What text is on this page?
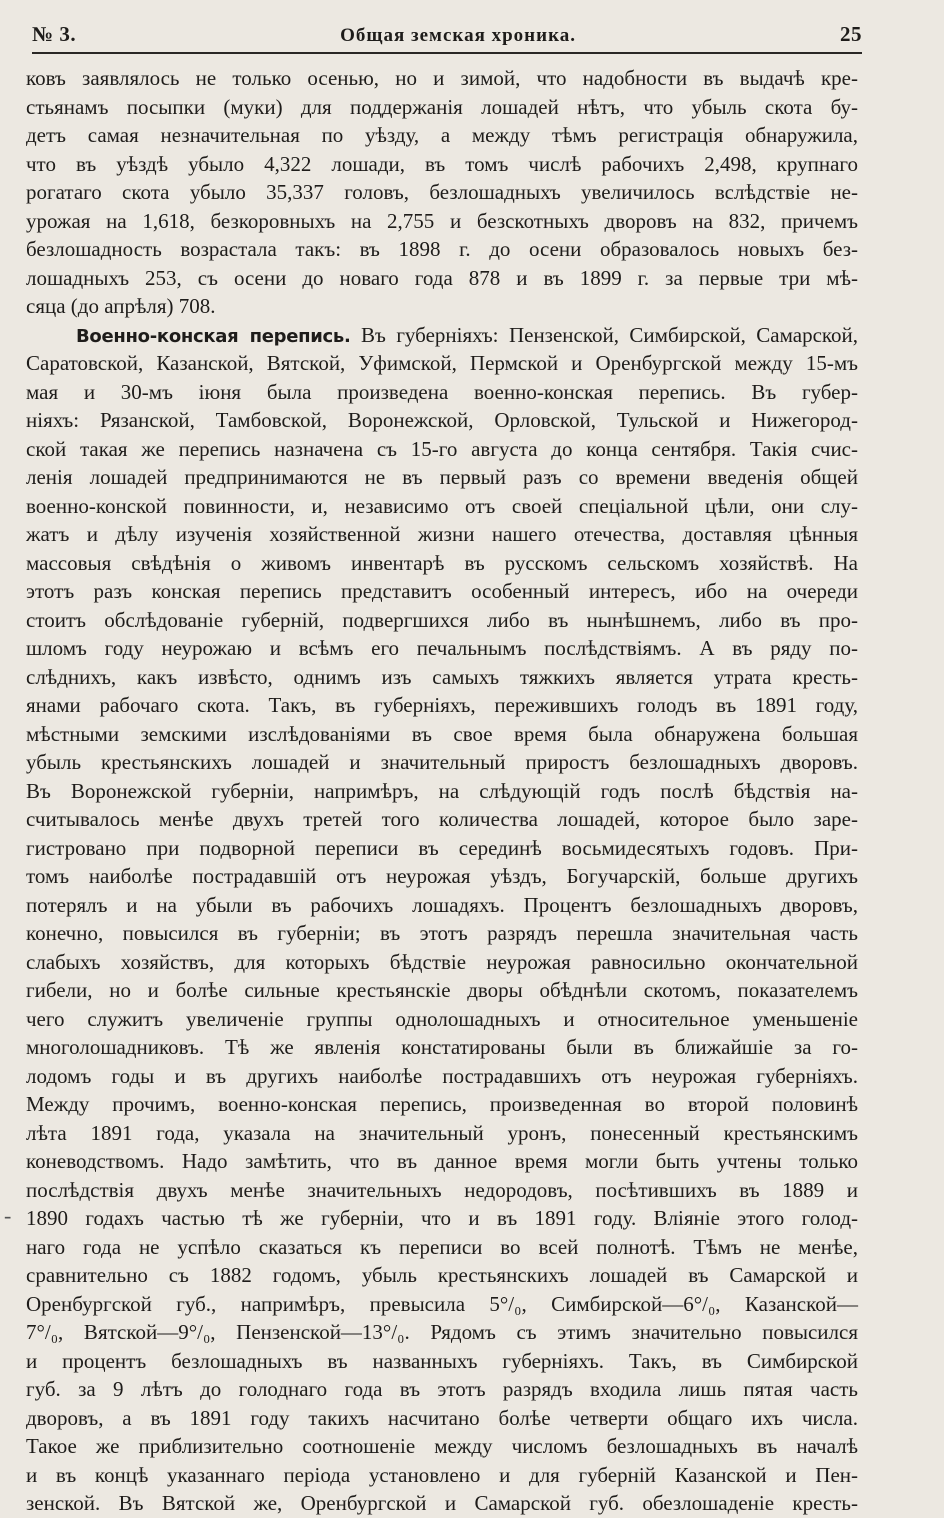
№ 3.	Общая земская хроника.	25
-
ковъ заявлялось не только осенью, но и зимой, что надобности въ выдачѣ кре-
стьянамъ посыпки (муки) для поддержанія лошадей нѣтъ, что убыль скота бу-
детъ самая незначительная по уѣзду, а между тѣмъ регистрація обнаружила,
что въ уѣздѣ убыло 4,322 лошади, въ томъ числѣ рабочихъ 2,498, крупнаго
рогатаго скота убыло 35,337 головъ, безлошадныхъ увеличилось вслѣдствіе не-
урожая на 1,618, безкоровныхъ на 2,755 и безскотныхъ дворовъ на 832, причемъ
безлошадность возрастала такъ: въ 1898 г. до осени образовалось новыхъ без-
лошадныхъ 253, съ осени до новаго года 878 и въ 1899 г. за первые три мѣ-
сяца (до апрѣля) 708.
Военно-конская перепись. Въ губерніяхъ: Пензенской, Симбирской, Самарской,
Саратовской, Казанской, Вятской, Уфимской, Пермской и Оренбургской между 15-мъ
мая и 30-мъ іюня была произведена военно-конская перепись. Въ губер-
ніяхъ: Рязанской, Тамбовской, Воронежской, Орловской, Тульской и Нижегород-
ской такая же перепись назначена съ 15-го августа до конца сентября. Такія счис-
ленія лошадей предпринимаются не въ первый разъ со времени введенія общей
военно-конской повинности, и, независимо отъ своей спеціальной цѣли, они слу-
жатъ и дѣлу изученія хозяйственной жизни нашего отечества, доставляя цѣнныя
массовыя свѣдѣнія о живомъ инвентарѣ въ русскомъ сельскомъ хозяйствѣ. На
этотъ разъ конская перепись представитъ особенный интересъ, ибо на очереди
стоитъ обслѣдованіе губерній, подвергшихся либо въ нынѣшнемъ, либо въ про-
шломъ году неурожаю и всѣмъ его печальнымъ послѣдствіямъ. А въ ряду по-
слѣднихъ, какъ извѣсто, однимъ изъ самыхъ тяжкихъ является утрата кресть-
янами рабочаго скота. Такъ, въ губерніяхъ, пережившихъ голодъ въ 1891 году,
мѣстными земскими изслѣдованіями въ свое время была обнаружена большая
убыль крестьянскихъ лошадей и значительный приростъ безлошадныхъ дворовъ.
Въ Воронежской губерніи, напримѣръ, на слѣдующій годъ послѣ бѣдствія на-
считывалось менѣе двухъ третей того количества лошадей, которое было заре-
гистровано при подворной переписи въ серединѣ восьмидесятыхъ годовъ. При-
томъ наиболѣе пострадавшій отъ неурожая уѣздъ, Богучарскій, больше другихъ
потерялъ и на убыли въ рабочихъ лошадяхъ. Процентъ безлошадныхъ дворовъ,
конечно, повысился въ губерніи; въ этотъ разрядъ перешла значительная часть
слабыхъ хозяйствъ, для которыхъ бѣдствіе неурожая равносильно окончательной
гибели, но и болѣе сильные крестьянскіе дворы обѣднѣли скотомъ, показателемъ
чего служитъ увеличеніе группы однолошадныхъ и относительное уменьшеніе
многолошадниковъ. Тѣ же явленія констатированы были въ ближайшіе за го-
лодомъ годы и въ другихъ наиболѣе пострадавшихъ отъ неурожая губерніяхъ.
Между прочимъ, военно-конская перепись, произведенная во второй половинѣ
лѣта 1891 года, указала на значительный уронъ, понесенный крестьянскимъ
коневодствомъ. Надо замѣтить, что въ данное время могли быть учтены только
послѣдствія двухъ менѣе значительныхъ недородовъ, посѣтившихъ въ 1889 и
1890 годахъ частью тѣ же губерніи, что и въ 1891 году. Вліяніе этого голод-
наго года не успѣло сказаться къ переписи во всей полнотѣ. Тѣмъ не менѣе,
сравнительно съ 1882 годомъ, убыль крестьянскихъ лошадей въ Самарской и
Оренбургской губ., напримѣръ, превысила 5°/₀, Симбирской—6°/₀, Казанской—
7°/₀, Вятской—9°/₀, Пензенской—13°/₀. Рядомъ съ этимъ значительно повысился
и процентъ безлошадныхъ въ названныхъ губерніяхъ. Такъ, въ Симбирской
губ. за 9 лѣтъ до голоднаго года въ этотъ разрядъ входила лишь пятая часть
дворовъ, а въ 1891 году такихъ насчитано болѣе четверти общаго ихъ числа.
Такое же приблизительно соотношеніе между числомъ безлошадныхъ въ началѣ
и въ концѣ указаннаго періода установлено и для губерній Казанской и Пен-
зенской. Въ Вятской же, Оренбургской и Самарской губ. обезлошаденіе кресть-
